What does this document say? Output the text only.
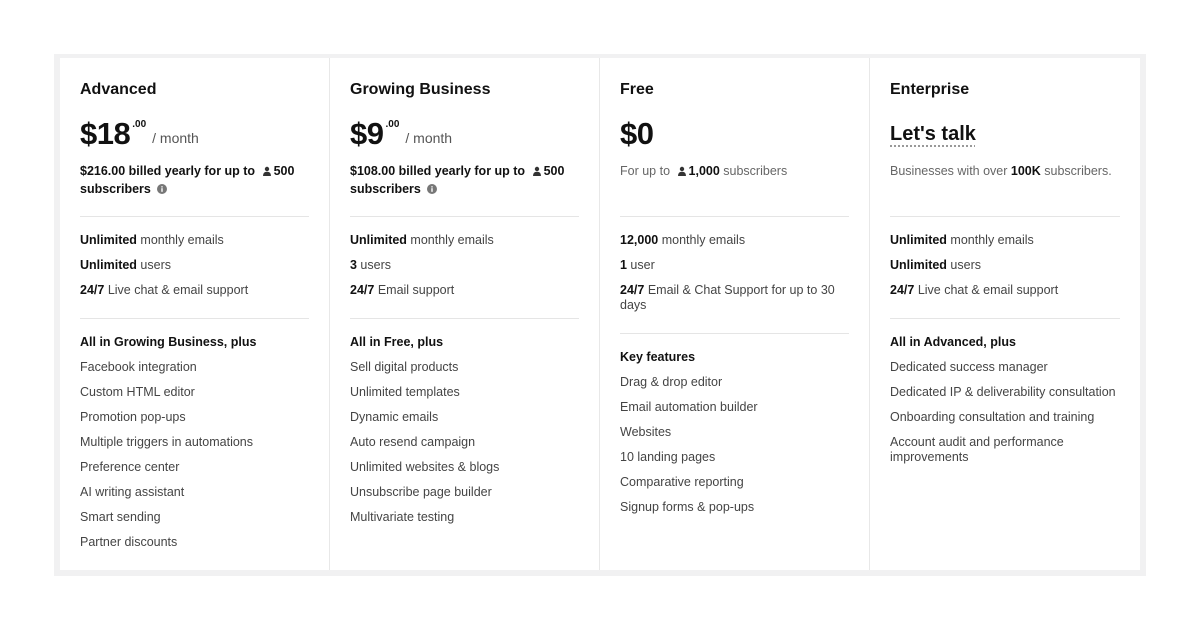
Advanced
$18 .00
/ month
$216.00 billed yearly for up to 500 subscribers
Unlimited monthly emails
Unlimited users
24/7 Live chat & email support
All in Growing Business, plus
Facebook integration
Custom HTML editor
Promotion pop-ups
Multiple triggers in automations
Preference center
AI writing assistant
Smart sending
Partner discounts
Growing Business
$9 .00
/ month
$108.00 billed yearly for up to 500 subscribers
Unlimited monthly emails
3 users
24/7 Email support
All in Free, plus
Sell digital products
Unlimited templates
Dynamic emails
Auto resend campaign
Unlimited websites & blogs
Unsubscribe page builder
Multivariate testing
Free
$0
For up to 1,000 subscribers
12,000 monthly emails
1 user
24/7 Email & Chat Support for up to 30 days
Key features
Drag & drop editor
Email automation builder
Websites
10 landing pages
Comparative reporting
Signup forms & pop-ups
Enterprise
Let's talk
Businesses with over 100K subscribers.
Unlimited monthly emails
Unlimited users
24/7 Live chat & email support
All in Advanced, plus
Dedicated success manager
Dedicated IP & deliverability consultation
Onboarding consultation and training
Account audit and performance improvements
